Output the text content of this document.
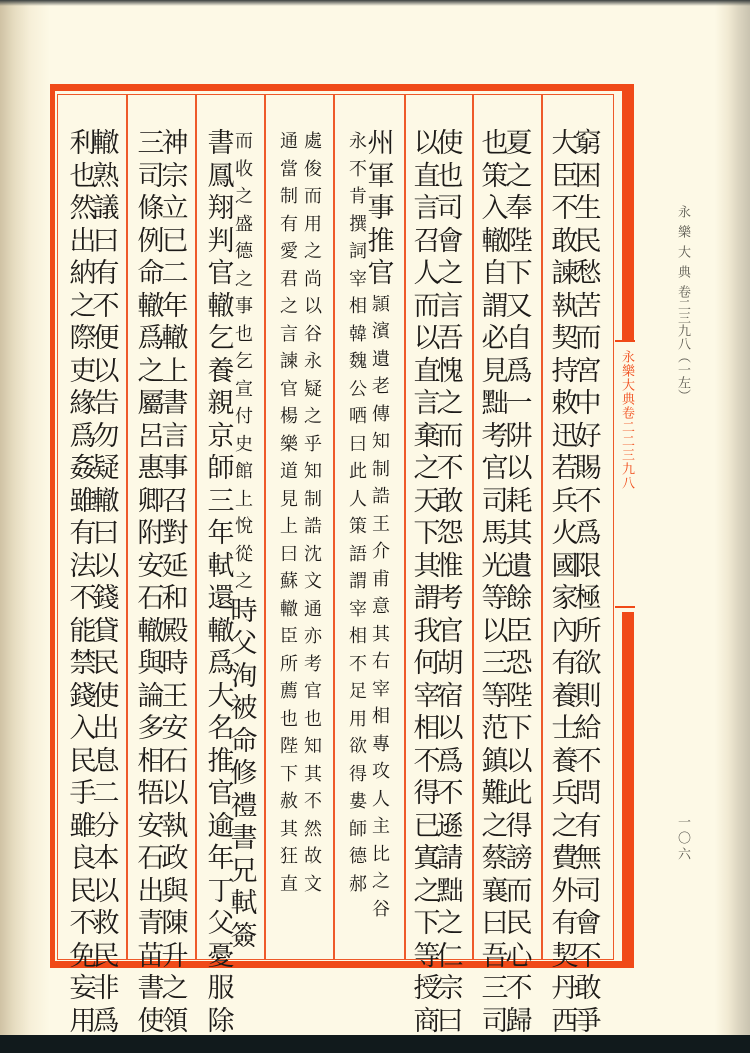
永樂大典卷二二三九八
永樂大典卷二三九八（一左）
一〇六
窮
困
生
民
愁
苦
而
宮
中
好
賜
不
爲
限
極
所
欲
則
給
不
問
有
無
司
會
不
敢
爭
大
臣
不
敢
諫
執
契
持
敕
迅
若
兵
火
國
家
內
有
養
士
養
兵
之
費
外
有
契
丹
西
夏
之
奉
陛
下
又
自
爲
一
阱
以
耗
其
遺
餘
臣
恐
陛
下
以
此
得
謗
而
民
心
不
歸
也
策
入
轍
自
謂
必
見
黜
考
官
司
馬
光
等
以
三
等
范
鎮
難
之
蔡
襄
曰
吾
三
司
使
也
司
會
之
言
吾
愧
之
而
不
敢
怨
惟
考
官
胡
宿
以
爲
不
遜
請
黜
之
仁
宗
曰
以
直
言
召
人
而
以
直
言
棄
之
天
下
其
謂
我
何
宰
相
不
得
已
寘
之
下
等
授
商
州
軍
事
推
官
頴
濱
遺
老
傳
知
制
誥
王
介
甫
意
其
右
宰
相
專
攻
人
主
比
之
谷
永
不
肯
撰
詞
宰
相
韓
魏
公
哂
曰
此
人
策
語
謂
宰
相
不
足
用
欲
得
婁
師
德
郝
處
俊
而
用
之
尚
以
谷
永
疑
之
乎
知
制
誥
沈
文
通
亦
考
官
也
知
其
不
然
故
文
通
當
制
有
愛
君
之
言
諫
官
楊
樂
道
見
上
曰
蘇
轍
臣
所
薦
也
陛
下
赦
其
狂
直
而
收
之
盛
德
之
事
也
乞
宣
付
史
館
上
悅
從
之
時
父
洵
被
命
修
禮
書
兄
軾
簽
書
鳳
翔
判
官
轍
乞
養
親
京
師
三
年
軾
還
轍
爲
大
名
推
官
逾
年
丁
父
憂
服
除
神
宗
立
已
二
年
轍
上
書
言
事
召
對
延
和
殿
時
王
安
石
以
執
政
與
陳
升
之
領
三
司
條
例
命
轍
爲
之
屬
呂
惠
卿
附
安
石
轍
與
論
多
相
牾
安
石
出
青
苗
書
使
轍
熟
議
曰
有
不
便
以
告
勿
疑
轍
曰
以
錢
貸
民
使
出
息
二
分
本
以
救
民
非
爲
利
也
然
出
納
之
際
吏
緣
爲
姦
雖
有
法
不
能
禁
錢
入
民
手
雖
良
民
不
免
妄
用
